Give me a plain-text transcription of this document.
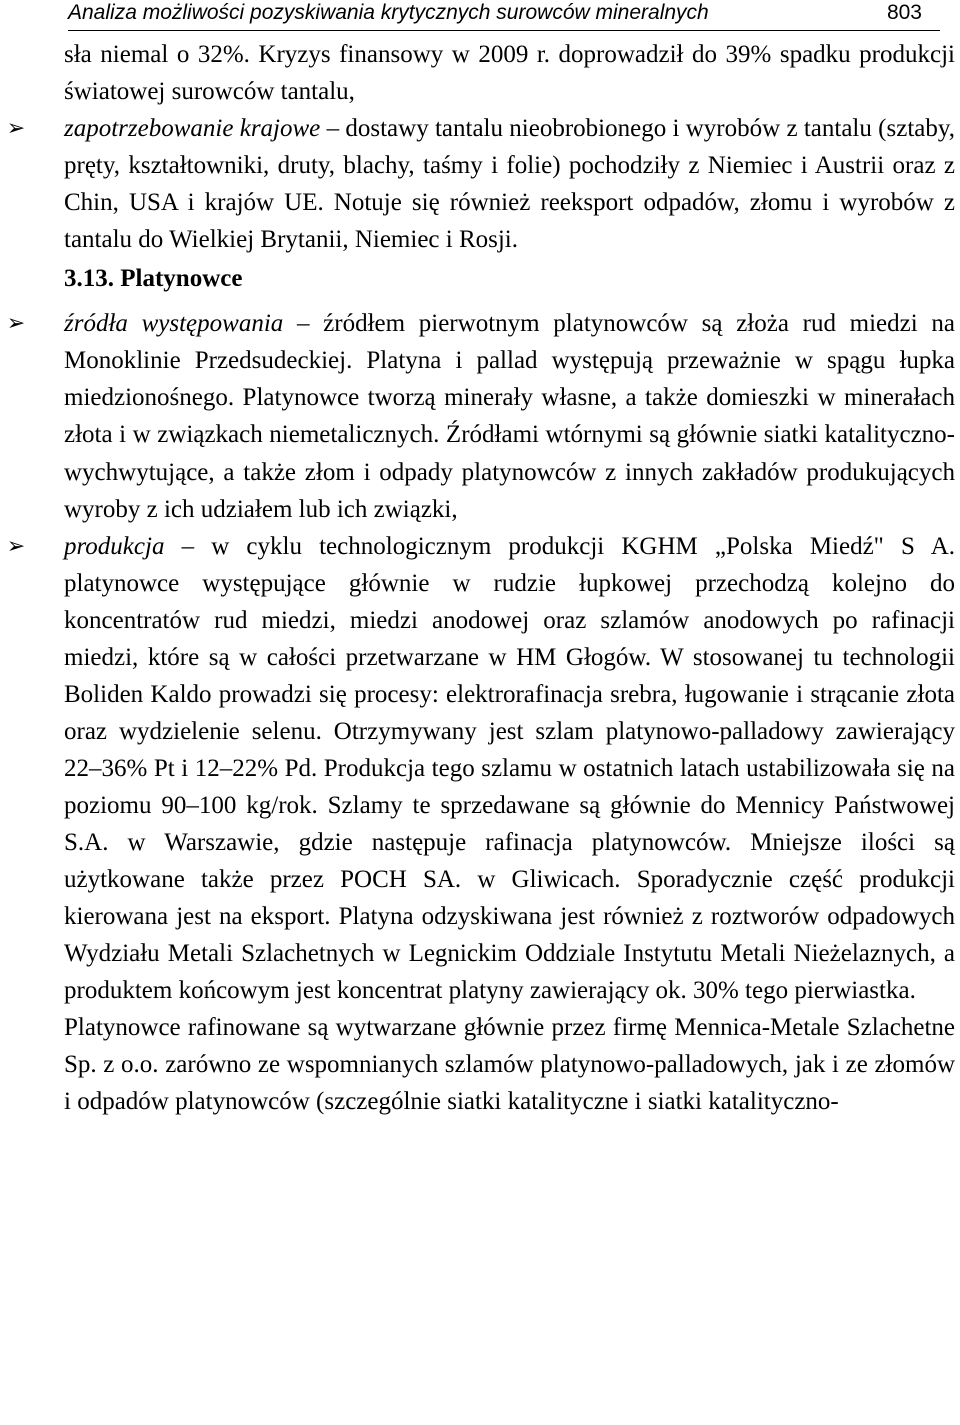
Analiza możliwości pozyskiwania krytycznych surowców mineralnych	803

sła niemal o 32%. Kryzys finansowy w 2009 r. doprowadził do 39% spadku produkcji światowej surowców tantalu,

➢ zapotrzebowanie krajowe – dostawy tantalu nieobrobionego i wyrobów z tantalu (sztaby, pręty, kształtowniki, druty, blachy, taśmy i folie) pochodziły z Niemiec i Austrii oraz z Chin, USA i krajów UE. Notuje się również reeksport odpadów, złomu i wyrobów z tantalu do Wielkiej Brytanii, Niemiec i Rosji.

3.13. Platynowce

➢ źródła występowania – źródłem pierwotnym platynowców są złoża rud miedzi na Monoklinie Przedsudeckiej. Platyna i pallad występują przeważnie w spągu łupka miedzionośnego. Platynowce tworzą minerały własne, a także domieszki w minerałach złota i w związkach niemetalicznych. Źródłami wtórnymi są głównie siatki katalityczno-wychwytujące, a także złom i odpady platynowców z innych zakładów produkujących wyroby z ich udziałem lub ich związki,

➢ produkcja – w cyklu technologicznym produkcji KGHM „Polska Miedź" S A. platynowce występujące głównie w rudzie łupkowej przechodzą kolejno do koncentratów rud miedzi, miedzi anodowej oraz szlamów anodowych po rafinacji miedzi, które są w całości przetwarzane w HM Głogów. W stosowanej tu technologii Boliden Kaldo prowadzi się procesy: elektrorafinacja srebra, ługowanie i strącanie złota oraz wydzielenie selenu. Otrzymywany jest szlam platynowo-palladowy zawierający 22–36% Pt i 12–22% Pd. Produkcja tego szlamu w ostatnich latach ustabilizowała się na poziomu 90–100 kg/rok. Szlamy te sprzedawane są głównie do Mennicy Państwowej S.A. w Warszawie, gdzie następuje rafinacja platynowców. Mniejsze ilości są użytkowane także przez POCH SA. w Gliwicach. Sporadycznie część produkcji kierowana jest na eksport. Platyna odzyskiwana jest również z roztworów odpadowych Wydziału Metali Szlachetnych w Legnickim Oddziale Instytutu Metali Nieżelaznych, a produktem końcowym jest koncentrat platyny zawierający ok. 30% tego pierwiastka.

Platynowce rafinowane są wytwarzane głównie przez firmę Mennica-Metale Szlachetne Sp. z o.o. zarówno ze wspomnianych szlamów platynowo-palladowych, jak i ze złomów i odpadów platynowców (szczególnie siatki katalityczne i siatki katalityczno-
